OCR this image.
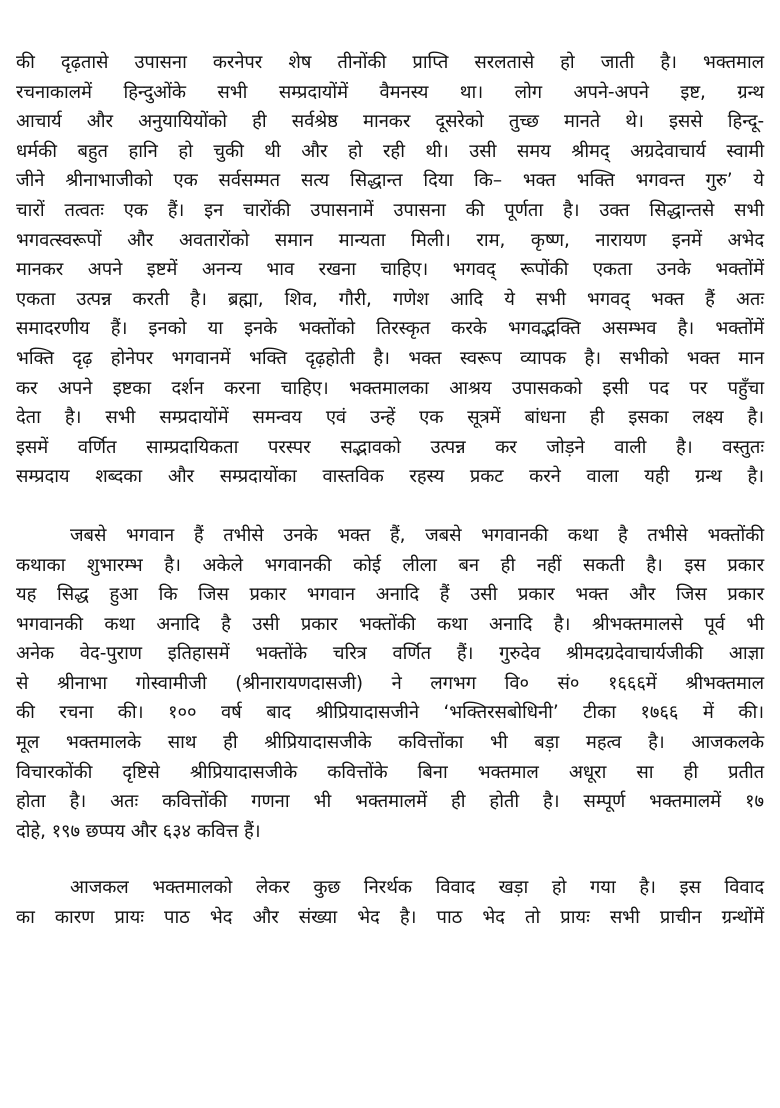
की दृढ़तासे उपासना करनेपर शेष तीनोंकी प्राप्ति सरलतासे हो जाती है। भक्तमाल
रचनाकालमें हिन्दुओंके सभी सम्प्रदायोंमें वैमनस्य था। लोग अपने-अपने इष्ट, ग्रन्थ
आचार्य और अनुयायियोंको ही सर्वश्रेष्ठ मानकर दूसरेको तुच्छ मानते थे। इससे हिन्दू-
धर्मकी बहुत हानि हो चुकी थी और हो रही थी। उसी समय श्रीमद् अग्रदेवाचार्य स्वामी
जीने श्रीनाभाजीको एक सर्वसम्मत सत्य सिद्धान्त दिया कि– भक्त भक्ति भगवन्त गुरु’ ये
चारों तत्वतः एक हैं। इन चारोंकी उपासनामें उपासना की पूर्णता है। उक्त सिद्धान्तसे सभी
भगवत्स्वरूपों और अवतारोंको समान मान्यता मिली। राम, कृष्ण, नारायण इनमें अभेद
मानकर अपने इष्टमें अनन्य भाव रखना चाहिए। भगवद् रूपोंकी एकता उनके भक्तोंमें
एकता उत्पन्न करती है। ब्रह्मा, शिव, गौरी, गणेश आदि ये सभी भगवद् भक्त हैं अतः
समादरणीय हैं। इनको या इनके भक्तोंको तिरस्कृत करके भगवद्भक्ति असम्भव है। भक्तोंमें
भक्ति दृढ़ होनेपर भगवानमें भक्ति दृढ़होती है। भक्त स्वरूप व्यापक है। सभीको भक्त मान
कर अपने इष्टका दर्शन करना चाहिए। भक्तमालका आश्रय उपासकको इसी पद पर पहुँचा
देता है। सभी सम्प्रदायोंमें समन्वय एवं उन्हें एक सूत्रमें बांधना ही इसका लक्ष्य है।
इसमें वर्णित साम्प्रदायिकता परस्पर सद्भावको उत्पन्न कर जोड़ने वाली है। वस्तुतः
सम्प्रदाय शब्दका और सम्प्रदायोंका वास्तविक रहस्य प्रकट करने वाला यही ग्रन्थ है।

जबसे भगवान हैं तभीसे उनके भक्त हैं, जबसे भगवानकी कथा है तभीसे भक्तोंकी
कथाका शुभारम्भ है। अकेले भगवानकी कोई लीला बन ही नहीं सकती है। इस प्रकार
यह सिद्ध हुआ कि जिस प्रकार भगवान अनादि हैं उसी प्रकार भक्त और जिस प्रकार
भगवानकी कथा अनादि है उसी प्रकार भक्तोंकी कथा अनादि है। श्रीभक्तमालसे पूर्व भी
अनेक वेद-पुराण इतिहासमें भक्तोंके चरित्र वर्णित हैं। गुरुदेव श्रीमदग्रदेवाचार्यजीकी आज्ञा
से श्रीनाभा गोस्वामीजी (श्रीनारायणदासजी) ने लगभग वि० सं० १६६६में श्रीभक्तमाल
की रचना की। १०० वर्ष बाद श्रीप्रियादासजीने ‘भक्तिरसबोधिनी’ टीका १७६६ में की।
मूल भक्तमालके साथ ही श्रीप्रियादासजीके कवित्तोंका भी बड़ा महत्व है। आजकलके
विचारकोंकी दृष्टिसे श्रीप्रियादासजीके कवित्तोंके बिना भक्तमाल अधूरा सा ही प्रतीत
होता है। अतः कवित्तोंकी गणना भी भक्तमालमें ही होती है। सम्पूर्ण भक्तमालमें १७
दोहे, १९७ छप्पय और ६३४ कवित्त हैं।

आजकल भक्तमालको लेकर कुछ निरर्थक विवाद खड़ा हो गया है। इस विवाद
का कारण प्रायः पाठ भेद और संख्या भेद है। पाठ भेद तो प्रायः सभी प्राचीन ग्रन्थोंमें
